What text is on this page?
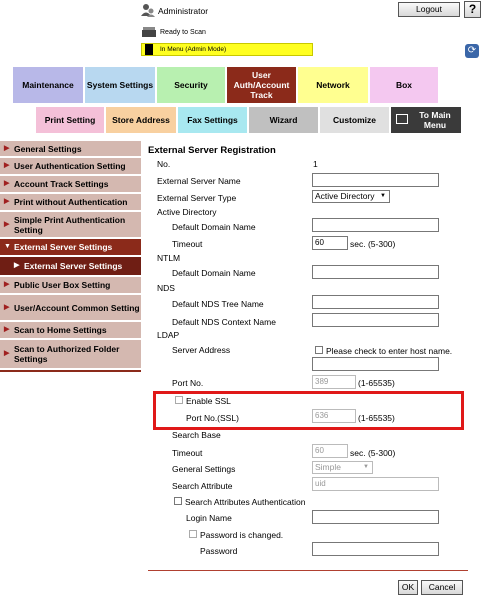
Administrator	Logout	?
Ready to Scan
In Menu (Admin Mode)	⟳
Maintenance System Settings Security
User Auth/Account Track
Network	Box
Print Setting Store Address Fax Settings	Wizard	Customize	To Main Menu
▶ General Settings
▶ User Authentication Setting
▶ Account Track Settings
▶ Print without Authentication
▶ Simple Print Authentication Setting
▼ External Server Settings
▶ External Server Settings
▶ Public User Box Setting
▶ User/Account Common Setting
▶ Scan to Home Settings
▶ Scan to Authorized Folder Settings
External Server Registration
No.	1
External Server Name
External Server Type	Active Directory ▼
Active Directory
Default Domain Name
Timeout	60	sec. (5-300)
NTLM
Default Domain Name
NDS
Default NDS Tree Name
Default NDS Context Name
LDAP
Server Address	Please check to enter host name.
Port No.	389	(1-65535)
Enable SSL
Port No.(SSL)	636	(1-65535)
Search Base
Timeout	60	sec. (5-300)
General Settings	Simple	▼
Search Attribute	uid
Search Attributes Authentication
Login Name
Password is changed.
Password
OK	Cancel
